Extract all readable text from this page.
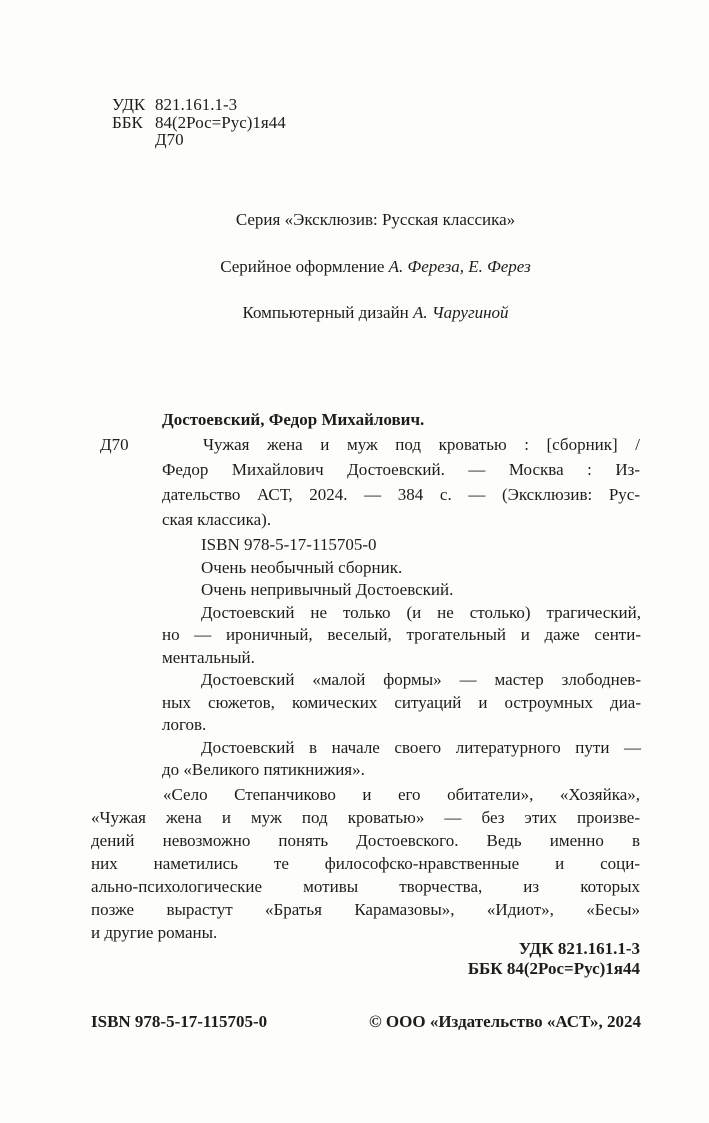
УДК 821.161.1-3
ББК 84(2Рос=Рус)1я44
Д70
Серия «Эксклюзив: Русская классика»
Серийное оформление А. Фереза, Е. Ферез
Компьютерный дизайн А. Чаругиной
Д70
Достоевский, Федор Михайлович.
Чужая жена и муж под кроватью : [сборник] /
Федор Михайлович Достоевский. — Москва : Из-
дательство АСТ, 2024. — 384 с. — (Эксклюзив: Рус-
ская классика).
ISBN 978-5-17-115705-0
Очень необычный сборник.
Очень непривычный Достоевский.
Достоевский не только (и не столько) трагический,
но — ироничный, веселый, трогательный и даже сенти-
ментальный.
Достоевский «малой формы» — мастер злободнев-
ных сюжетов, комических ситуаций и остроумных диа-
логов.
Достоевский в начале своего литературного пути —
до «Великого пятикнижия».
«Село Степанчиково и его обитатели», «Хозяйка»,
«Чужая жена и муж под кроватью» — без этих произве-
дений невозможно понять Достоевского. Ведь именно в
них наметились те философско-нравственные и соци-
ально-психологические мотивы творчества, из которых
позже вырастут «Братья Карамазовы», «Идиот», «Бесы»
и другие романы.
УДК 821.161.1-3
ББК 84(2Рос=Рус)1я44
ISBN 978-5-17-115705-0	© ООО «Издательство «АСТ», 2024
